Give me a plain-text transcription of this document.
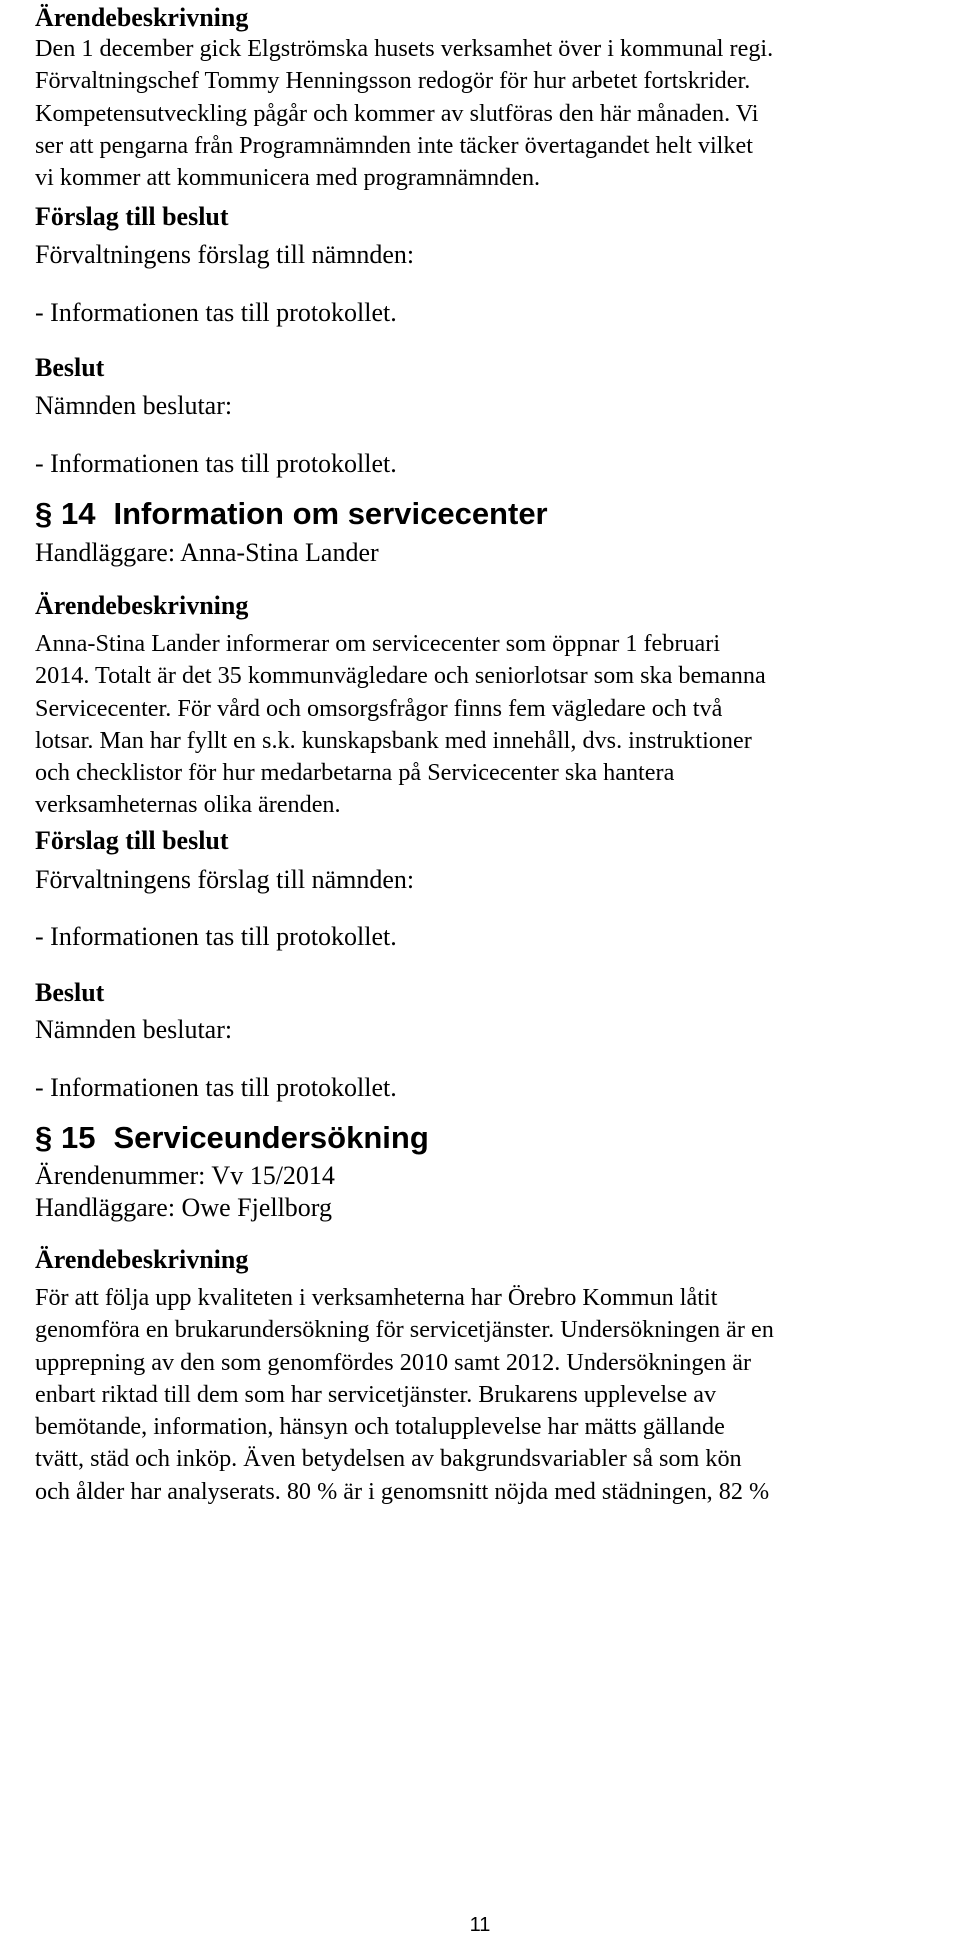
Ärendebeskrivning
Den 1 december gick Elgströmska husets verksamhet över i kommunal regi.
Förvaltningschef Tommy Henningsson redogör för hur arbetet fortskrider.
Kompetensutveckling pågår och kommer av slutföras den här månaden. Vi
ser att pengarna från Programnämnden inte täcker övertagandet helt vilket
vi kommer att kommunicera med programnämnden.
Förslag till beslut
Förvaltningens förslag till nämnden:
- Informationen tas till protokollet.
Beslut
Nämnden beslutar:
- Informationen tas till protokollet.
§ 14 Information om servicecenter
Handläggare: Anna-Stina Lander
Ärendebeskrivning
Anna-Stina Lander informerar om servicecenter som öppnar 1 februari
2014. Totalt är det 35 kommunvägledare och seniorlotsar som ska bemanna
Servicecenter. För vård och omsorgsfrågor finns fem vägledare och två
lotsar. Man har fyllt en s.k. kunskapsbank med innehåll, dvs. instruktioner
och checklistor för hur medarbetarna på Servicecenter ska hantera
verksamheternas olika ärenden.
Förslag till beslut
Förvaltningens förslag till nämnden:
- Informationen tas till protokollet.
Beslut
Nämnden beslutar:
- Informationen tas till protokollet.
§ 15 Serviceundersökning
Ärendenummer: Vv 15/2014
Handläggare: Owe Fjellborg
Ärendebeskrivning
För att följa upp kvaliteten i verksamheterna har Örebro Kommun låtit
genomföra en brukarundersökning för servicetjänster. Undersökningen är en
upprepning av den som genomfördes 2010 samt 2012. Undersökningen är
enbart riktad till dem som har servicetjänster. Brukarens upplevelse av
bemötande, information, hänsyn och totalupplevelse har mätts gällande
tvätt, städ och inköp. Även betydelsen av bakgrundsvariabler så som kön
och ålder har analyserats. 80 % är i genomsnitt nöjda med städningen, 82 %
11
